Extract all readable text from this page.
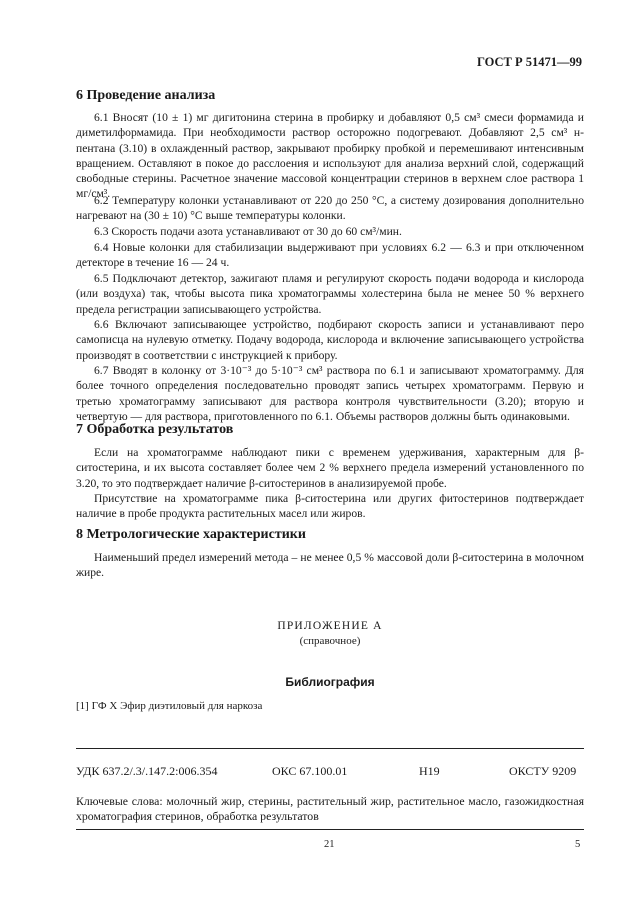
ГОСТ Р 51471—99
6 Проведение анализа

6.1 Вносят (10 ± 1) мг дигитонина стерина в пробирку и добавляют 0,5 см³ смеси формамида и диметилформамида. При необходимости раствор осторожно подогревают. Добавляют 2,5 см³ н-пентана (3.10) в охлажденный раствор, закрывают пробирку пробкой и перемешивают интенсивным вращением. Оставляют в покое до расслоения и используют для анализа верхний слой, содержащий свободные стерины. Расчетное значение массовой концентрации стеринов в верхнем слое раствора 1 мг/см³.

6.2 Температуру колонки устанавливают от 220 до 250 °С, а систему дозирования дополнительно нагревают на (30 ± 10) °С выше температуры колонки.

6.3 Скорость подачи азота устанавливают от 30 до 60 см³/мин.

6.4 Новые колонки для стабилизации выдерживают при условиях 6.2 — 6.3 и при отключенном детекторе в течение 16 — 24 ч.

6.5 Подключают детектор, зажигают пламя и регулируют скорость подачи водорода и кислорода (или воздуха) так, чтобы высота пика хроматограммы холестерина была не менее 50 % верхнего предела регистрации записывающего устройства.

6.6 Включают записывающее устройство, подбирают скорость записи и устанавливают перо самописца на нулевую отметку. Подачу водорода, кислорода и включение записывающего устройства производят в соответствии с инструкцией к прибору.

6.7 Вводят в колонку от 3·10⁻³ до 5·10⁻³ см³ раствора по 6.1 и записывают хроматограмму. Для более точного определения последовательно проводят запись четырех хроматограмм. Первую и третью хроматограмму записывают для раствора контроля чувствительности (3.20); вторую и четвертую — для раствора, приготовленного по 6.1. Объемы растворов должны быть одинаковыми.

7 Обработка результатов

Если на хроматограмме наблюдают пики с временем удерживания, характерным для β-ситостерина, и их высота составляет более чем 2 % верхнего предела измерений установленного по 3.20, то это подтверждает наличие β-ситостеринов в анализируемой пробе.

Присутствие на хроматограмме пика β-ситостерина или других фитостеринов подтверждает наличие в пробе продукта растительных масел или жиров.

8 Метрологические характеристики

Наименьший предел измерений метода – не менее 0,5 % массовой доли β-ситостерина в молочном жире.

ПРИЛОЖЕНИЕ А

(справочное)

Библиография

[1] ГФ X Эфир диэтиловый для наркоза

УДК 637.2/.3/.147.2:006.354	ОКС 67.100.01	Н19	ОКСТУ 9209

Ключевые слова: молочный жир, стерины, растительный жир, растительное масло, газожидкостная хроматография стеринов, обработка результатов

21	5
